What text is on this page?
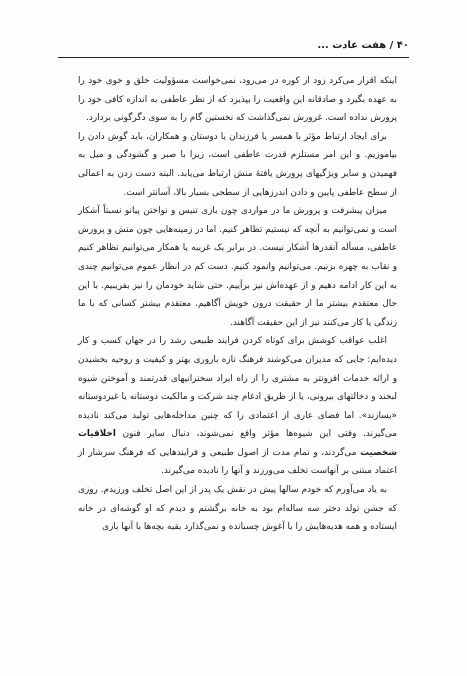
۴۰ / هفت عادت ...

اینکه اقرار می‌کرد زود از کوره در می‌رود، نمی‌خواست مسؤولیت خلق و خوی خود را به عهده بگیرد و صادقانه این واقعیت را بپذیرد که از نظر عاطفی به اندازه کافی خود را پرورش نداده است. غرورش نمی‌گذاشت که نخستین گام را به سوی دگرگونی بردارد.

برای ایجاد ارتباط مؤثر با همسر یا فرزندان یا دوستان و همکاران، باید گوش دادن را بیاموزیم. و این امر مستلزم قدرت عاطفی است، زیرا با صبر و گشودگی و میل به فهمیدن و سایر ویژگیهای پرورش یافتهٔ منش ارتباط می‌یابد. البته دست زدن به اعمالی از سطح عاطفی پایین و دادن اندرزهایی از سطحی بسیار بالا، آسانتر است.

میزان پیشرفت و پرورش ما در مواردی چون بازی تنیس و نواختن پیانو نسبتاً آشکار است و نمی‌توانیم به آنچه که نیستیم تظاهر کنیم. اما در زمینه‌هایی چون منش و پرورش عاطفی، مسأله آنقدرها آشکار نیست. در برابر یک غریبه یا همکار می‌توانیم تظاهر کنیم و نقاب به چهره بزنیم. می‌توانیم وانمود کنیم. دست کم در انظار عموم می‌توانیم چندی به این کار ادامه دهیم و از عهده‌اش نیز برآییم. حتی شاید خودمان را نیز بفریبیم. با این حال معتقدم بیشتر ما از حقیقت درون خویش آگاهیم. معتقدم بیشتر کسانی که با ما زندگی یا کار می‌کنند نیز از این حقیقت آگاهند.

اغلب عواقب کوشش برای کوتاه کردن فرایند طبیعی رشد را در جهان کسب و کار دیده‌ایم: جایی که مدیران می‌کوشند فرهنگ تازه باروری بهتر و کیفیت و روحیه بخشیدن و ارائه خدمات افزونتر به مشتری را از راه ایراد سخنرانیهای قدرتمند و آموختن شیوه لبخند و دخالتهای بیرونی، یا از طریق ادغام چند شرکت و مالکیت دوستانه یا غیردوستانه «بسازند». اما فضای عاری از اعتمادی را که چنین مداخله‌هایی تولید می‌کند نادیده می‌گیرند. وقتی این شیوه‌ها مؤثر واقع نمی‌شوند، دنبال سایر فنون اخلاقیات شخصیت می‌گردند، و تمام مدت از اصول طبیعی و فرایندهایی که فرهنگ سرشار از اعتماد مبتنی بر آنهاست تخلف می‌ورزند و آنها را نادیده می‌گیرند.

به یاد می‌آورم که خودم سالها پیش در نقش یک پدر از این اصل تخلف ورزیدم. روزی که جشن تولد دختر سه ساله‌ام بود به خانه برگشتم و دیدم که او گوشه‌ای در خانه ایستاده و همه هدیه‌هایش را با آغوش چسبانده و نمی‌گذارد بقیه بچه‌ها با آنها بازی
